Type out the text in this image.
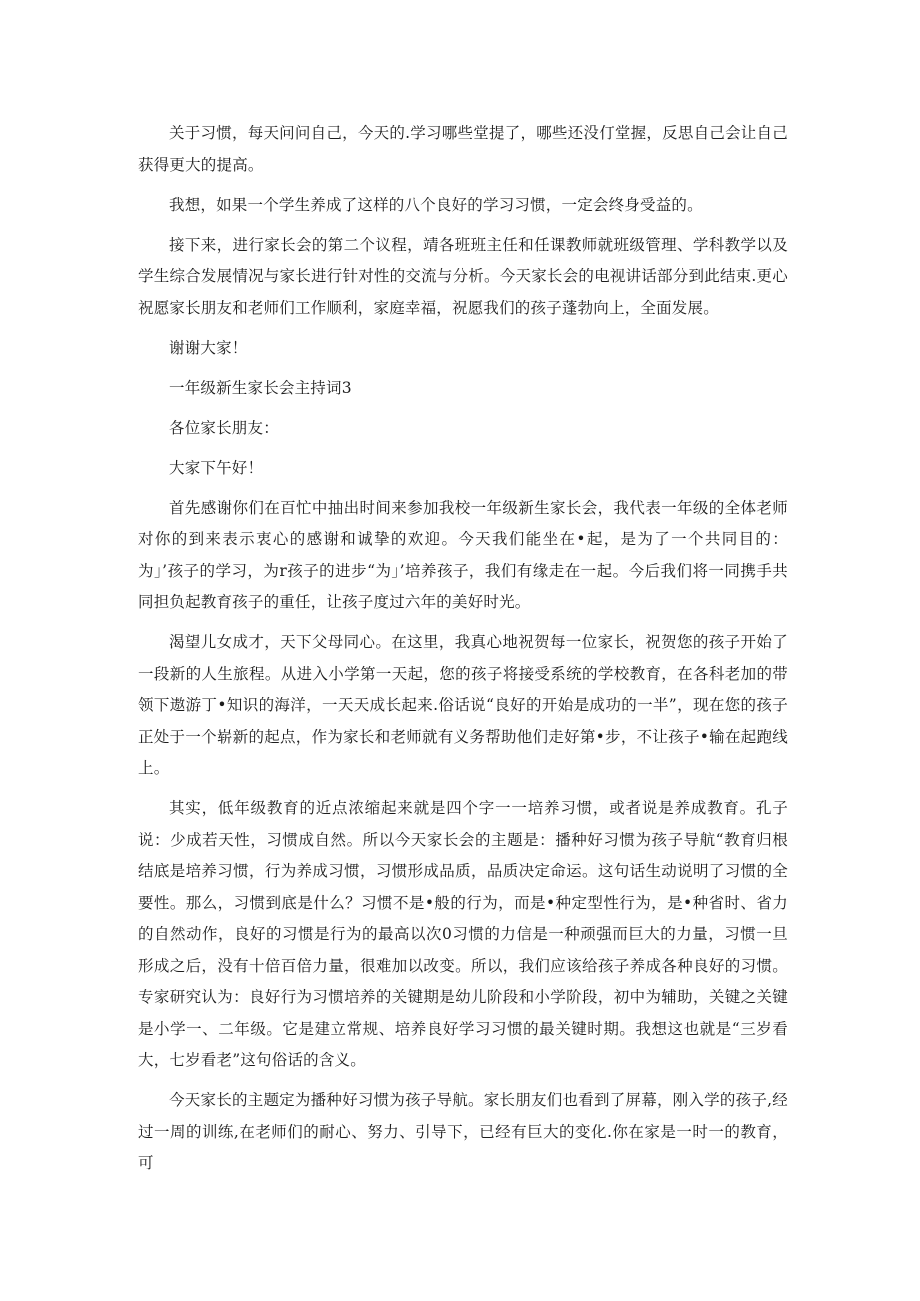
关于习惯，每天问问自己，今天的.学习哪些堂提了，哪些还没仃堂握，反思自己会让自己获得更大的提高。

我想，如果一个学生养成了这样的八个良好的学习习惯，一定会终身受益的。

接下来，进行家长会的第二个议程，靖各班班主任和任课教师就班级管理、学科教学以及学生综合发展情况与家长进行针对性的交流与分析。今天家长会的电视讲话部分到此结束.更心祝愿家长朋友和老师们工作顺利，家庭幸福，祝愿我们的孩子蓬勃向上，全面发展。

谢谢大家！

一年级新生家长会主持词3

各位家长朋友：

大家下午好！

首先感谢你们在百忙中抽出时间来参加我校一年级新生家长会，我代表一年级的全体老师对你的到来表示衷心的感谢和诚挚的欢迎。今天我们能坐在•起，是为了一个共同目的：为」’孩子的学习，为r孩子的进步“为」’培养孩子，我们有缘走在一起。今后我们将一同携手共同担负起教育孩子的重任，让孩子度过六年的美好时光。

渴望儿女成才，天下父母同心。在这里，我真心地祝贺每一位家长，祝贺您的孩子开始了一段新的人生旅程。从进入小学第一天起，您的孩子将接受系统的学校教育，在各科老加的带领下遨游丁•知识的海洋，一天天成长起来.俗话说“良好的开始是成功的一半”，现在您的孩子正处于一个崭新的起点，作为家长和老师就有义务帮助他们走好第•步，不让孩子•输在起跑线上。

其实，低年级教育的近点浓缩起来就是四个字一一培养习惯，或者说是养成教育。孔子说：少成若天性，习惯成自然。所以今天家长会的主题是：播种好习惯为孩子导航“教育归根结底是培养习惯，行为养成习惯，习惯形成品质，品质决定命运。这句话生动说明了习惯的全要性。那么，习惯到底是什么？习惯不是•般的行为，而是•种定型性行为，是•种省时、省力的自然动作，良好的习惯是行为的最高以次0习惯的力信是一种顽强而巨大的力量，习惯一旦形成之后，没有十倍百倍力量，很难加以改变。所以，我们应该给孩子养成各种良好的习惯。专家研究认为：良好行为习惯培养的关键期是幼儿阶段和小学阶段，初中为辅助，关键之关键是小学一、二年级。它是建立常规、培养良好学习习惯的最关键时期。我想这也就是“三岁看大，七岁看老”这句俗话的含义。

今天家长的主题定为播种好习惯为孩子导航。家长朋友们也看到了屏幕，刚入学的孩子,经过一周的训练,在老师们的耐心、努力、引导下，已经有巨大的变化.你在家是一时一的教育，可
